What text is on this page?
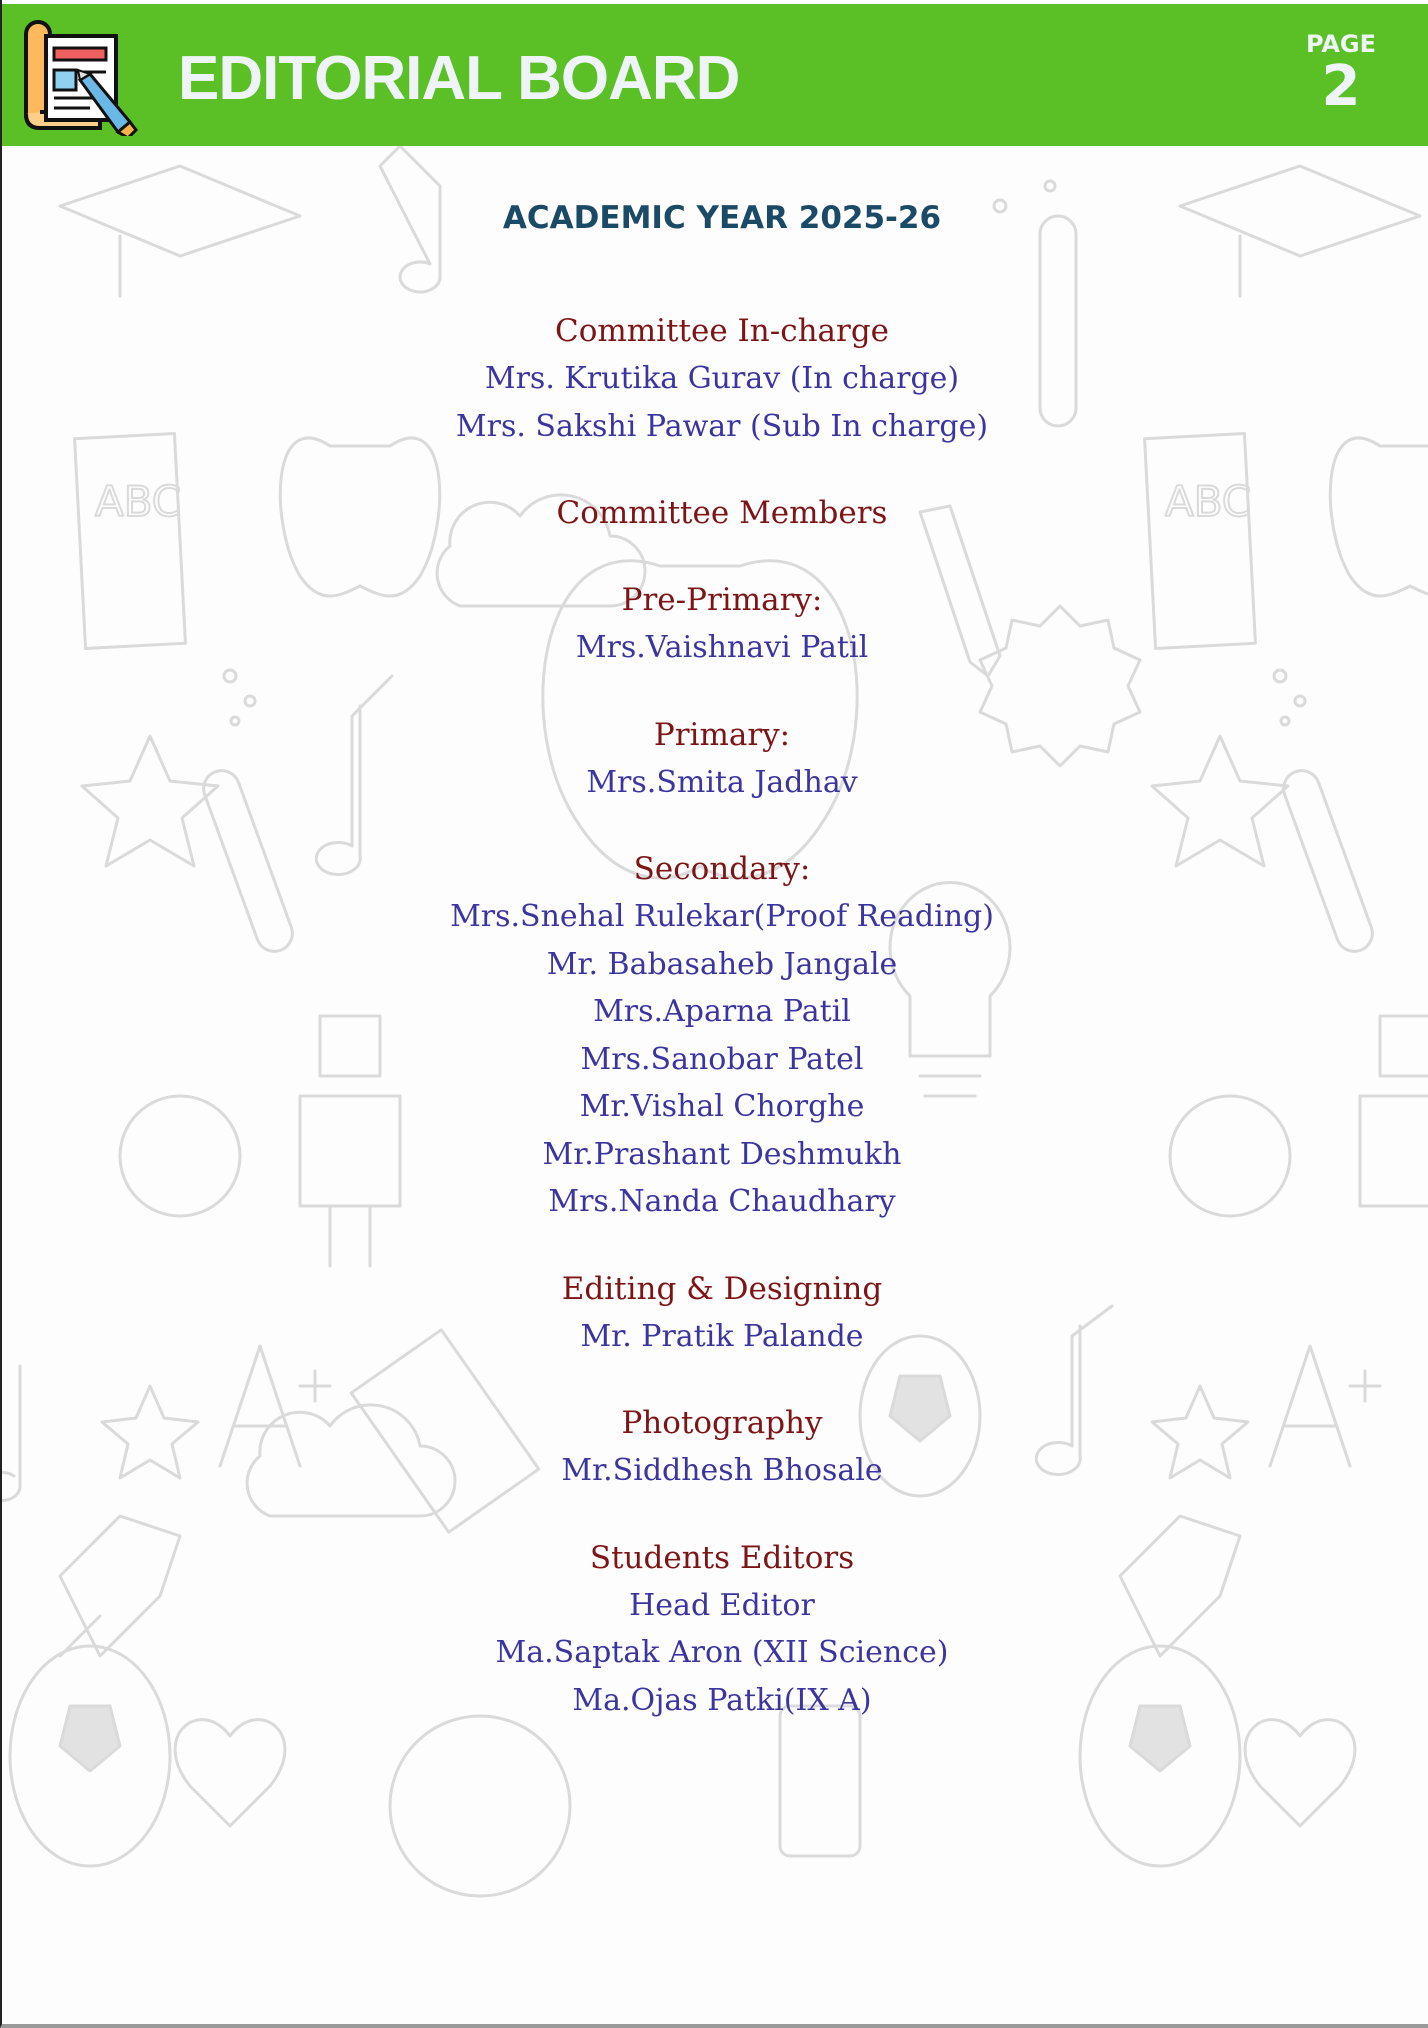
ABC	ABC
EDITORIAL BOARD	PAGE
2
ACADEMIC YEAR 2025-26
Committee In-charge
Mrs. Krutika Gurav (In charge)
Mrs. Sakshi Pawar (Sub In charge)
Committee Members
Pre-Primary:
Mrs.Vaishnavi Patil
Primary:
Mrs.Smita Jadhav
Secondary:
Mrs.Snehal Rulekar(Proof Reading)
Mr. Babasaheb Jangale
Mrs.Aparna Patil
Mrs.Sanobar Patel
Mr.Vishal Chorghe
Mr.Prashant Deshmukh
Mrs.Nanda Chaudhary
Editing & Designing
Mr. Pratik Palande
Photography
Mr.Siddhesh Bhosale
Students Editors
Head Editor
Ma.Saptak Aron (XII Science)
Ma.Ojas Patki(IX A)
